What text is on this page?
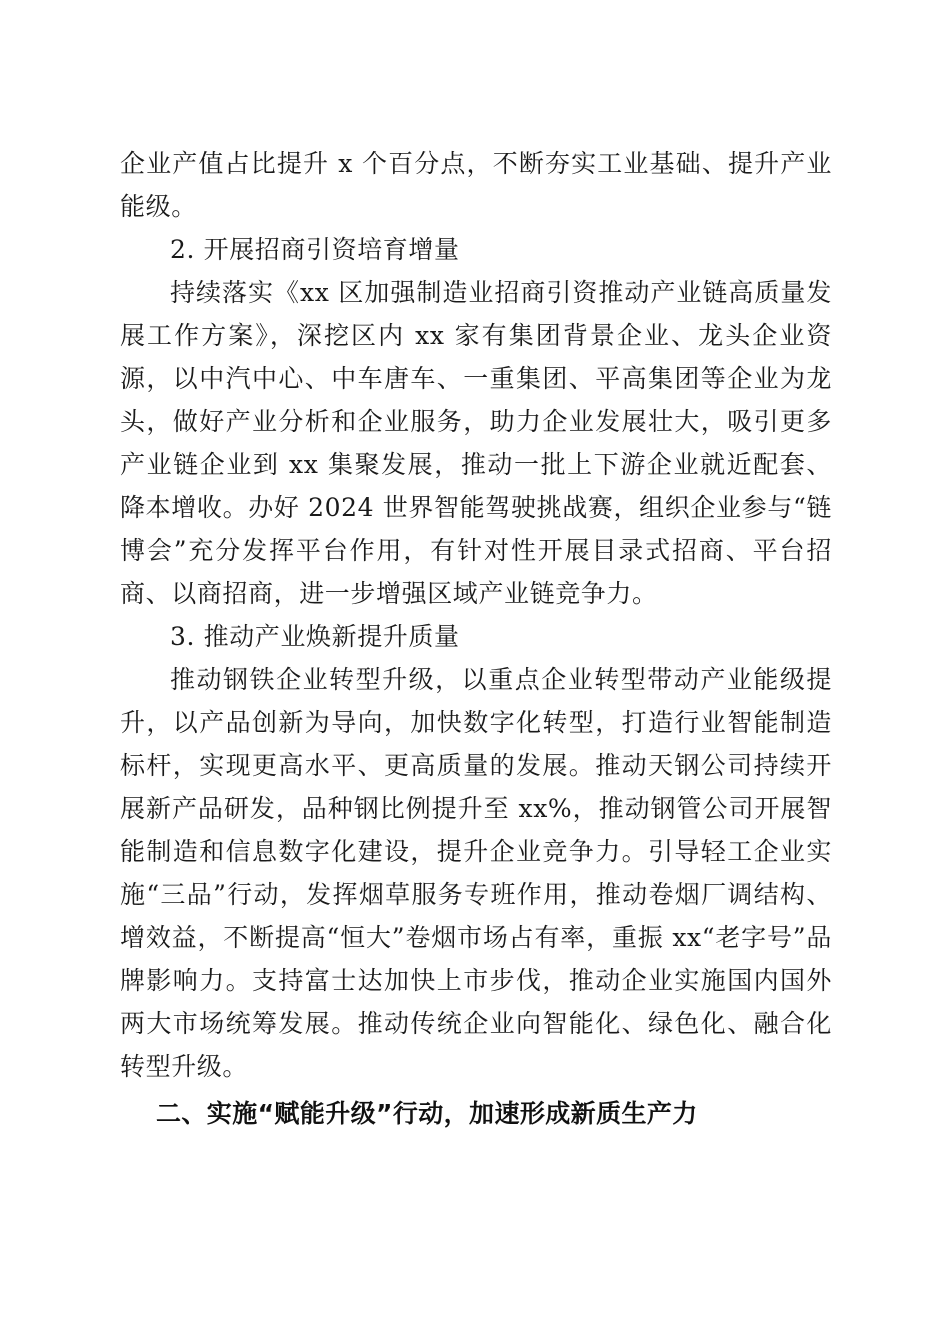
企业产值占比提升 x 个百分点，不断夯实工业基础、提升产业能级。

2. 开展招商引资培育增量

持续落实《xx 区加强制造业招商引资推动产业链高质量发展工作方案》，深挖区内 xx 家有集团背景企业、龙头企业资源，以中汽中心、中车唐车、一重集团、平高集团等企业为龙头，做好产业分析和企业服务，助力企业发展壮大，吸引更多产业链企业到 xx 集聚发展，推动一批上下游企业就近配套、降本增收。办好 2024 世界智能驾驶挑战赛，组织企业参与“链博会”充分发挥平台作用，有针对性开展目录式招商、平台招商、以商招商，进一步增强区域产业链竞争力。

3. 推动产业焕新提升质量

推动钢铁企业转型升级，以重点企业转型带动产业能级提升，以产品创新为导向，加快数字化转型，打造行业智能制造标杆，实现更高水平、更高质量的发展。推动天钢公司持续开展新产品研发，品种钢比例提升至 xx%，推动钢管公司开展智能制造和信息数字化建设，提升企业竞争力。引导轻工企业实施“三品”行动，发挥烟草服务专班作用，推动卷烟厂调结构、增效益，不断提高“恒大”卷烟市场占有率，重振 xx“老字号”品牌影响力。支持富士达加快上市步伐，推动企业实施国内国外两大市场统筹发展。推动传统企业向智能化、绿色化、融合化转型升级。

二、实施“赋能升级”行动，加速形成新质生产力
